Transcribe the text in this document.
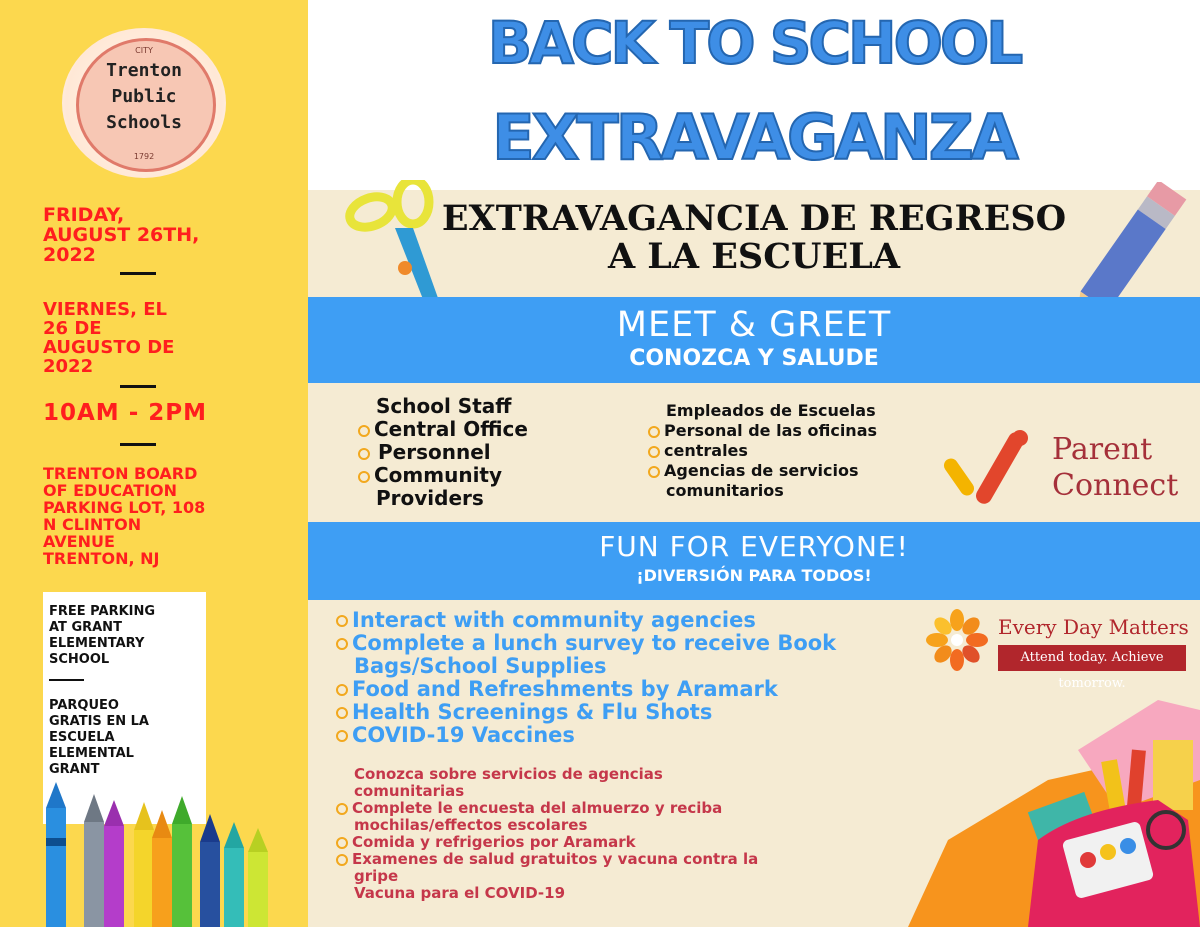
Trenton
Public
Schools
1792
CITY
FRIDAY,
AUGUST 26TH,
2022
VIERNES, EL
26 DE
AUGUSTO DE
2022
10AM - 2PM
TRENTON BOARD
OF EDUCATION
PARKING LOT, 108
N CLINTON
AVENUE
TRENTON, NJ
FREE PARKING
AT GRANT
ELEMENTARY
SCHOOL
PARQUEO
GRATIS EN LA
ESCUELA
ELEMENTAL
GRANT
BACK TO SCHOOL
EXTRAVAGANZA
EXTRAVAGANCIA DE REGRESO
A LA ESCUELA
MEET & GREET
CONOZCA Y SALUDE
School Staff
Central Office
Personnel
Community
Providers
Empleados de Escuelas
Personal de las oficinas
centrales
Agencias de servicios
comunitarios
FUN FOR EVERYONE!
¡DIVERSIÓN PARA TODOS!
Interact with community agencies
Complete a lunch survey to receive Book
Bags/School Supplies
Food and Refreshments by Aramark
Health Screenings & Flu Shots
COVID-19 Vaccines
Conozca sobre servicios de agencias
comunitarias
Complete le encuesta del almuerzo y reciba
mochilas/effectos escolares
Comida y refrigerios por Aramark
Examenes de salud gratuitos y vacuna contra la
gripe
Vacuna para el COVID-19
Parent
Connect
Every Day Matters
Attend today. Achieve tomorrow.
